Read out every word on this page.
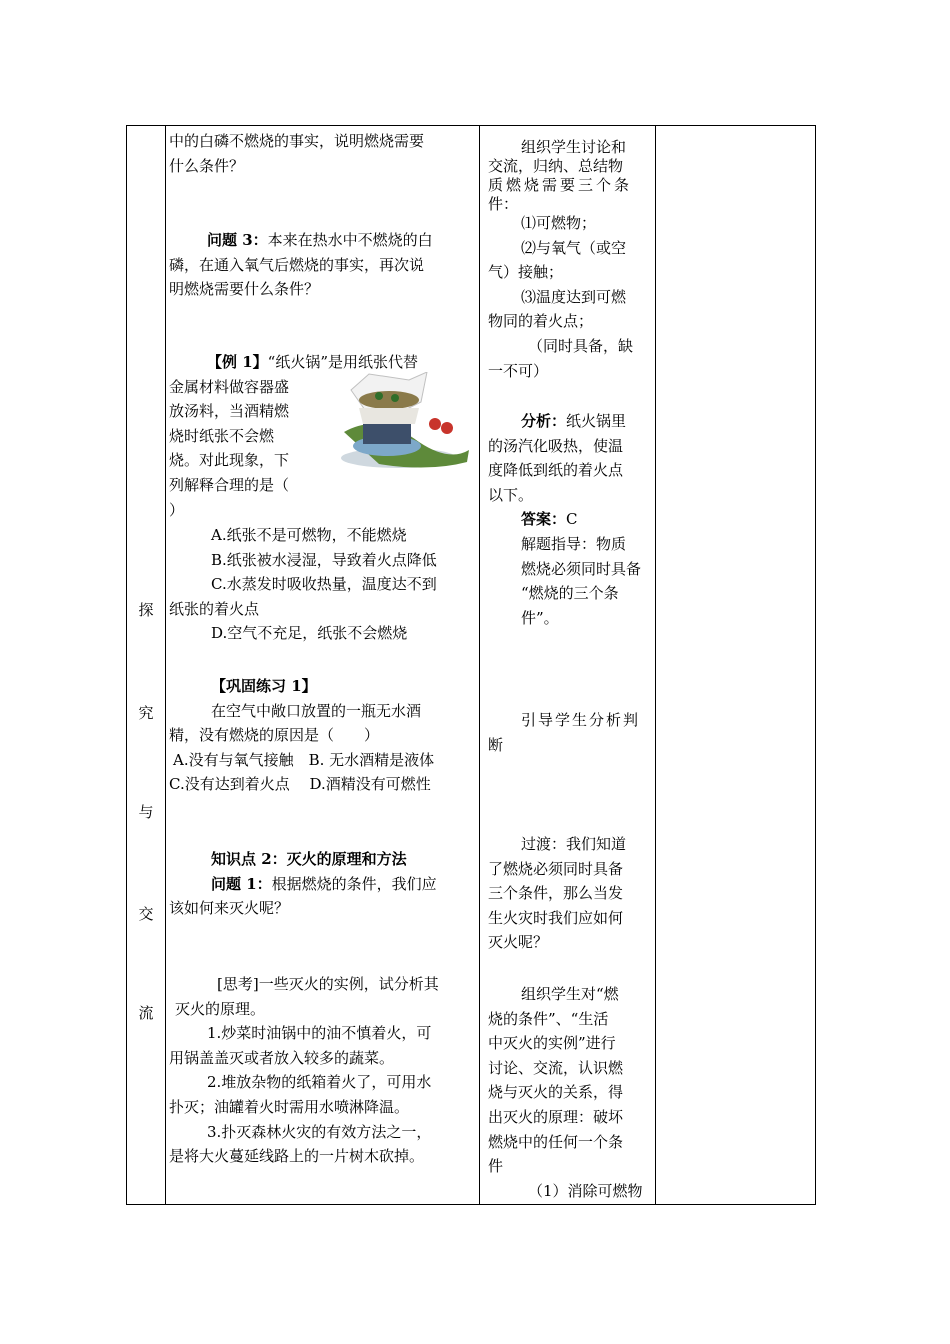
探
究
与
交
流

中的白磷不燃烧的事实，说明燃烧需要

什么条件？

问题 3：本来在热水中不燃烧的白

磷，在通入氧气后燃烧的事实，再次说

明燃烧需要什么条件？

【例 1】“纸火锅”是用纸张代替

金属材料做容器盛

放汤料，当酒精燃

烧时纸张不会燃

烧。对此现象，下

列解释合理的是（

）

A.纸张不是可燃物，不能燃烧

B.纸张被水浸湿，导致着火点降低

C.水蒸发时吸收热量，温度达不到

纸张的着火点

D.空气不充足，纸张不会燃烧

【巩固练习 1】

在空气中敞口放置的一瓶无水酒

精，没有燃烧的原因是（　　）

A.没有与氧气接触　B. 无水酒精是液体

C.没有达到着火点　 D.酒精没有可燃性

知识点 2：灭火的原理和方法

问题 1：根据燃烧的条件，我们应

该如何来灭火呢？

[思考]一些灭火的实例，试分析其

灭火的原理。

1.炒菜时油锅中的油不慎着火，可

用锅盖盖灭或者放入较多的蔬菜。

2.堆放杂物的纸箱着火了，可用水

扑灭；油罐着火时需用水喷淋降温。

3.扑灭森林火灾的有效方法之一，

是将大火蔓延线路上的一片树木砍掉。

组织学生讨论和

交流，归纳、总结物

质燃烧需要三个条

件：

⑴可燃物；

⑵与氧气（或空

气）接触；

⑶温度达到可燃

物同的着火点；

（同时具备，缺

一不可）

分析：纸火锅里

的汤汽化吸热，使温

度降低到纸的着火点

以下。

答案：C

解题指导：物质

燃烧必须同时具备

“燃烧的三个条

件”。

引导学生分析判

断

过渡：我们知道

了燃烧必须同时具备

三个条件，那么当发

生火灾时我们应如何

灭火呢？

组织学生对“燃

烧的条件”、“生活

中灭火的实例”进行

讨论、交流，认识燃

烧与灭火的关系，得

出灭火的原理：破坏

燃烧中的任何一个条

件

（1）消除可燃物
